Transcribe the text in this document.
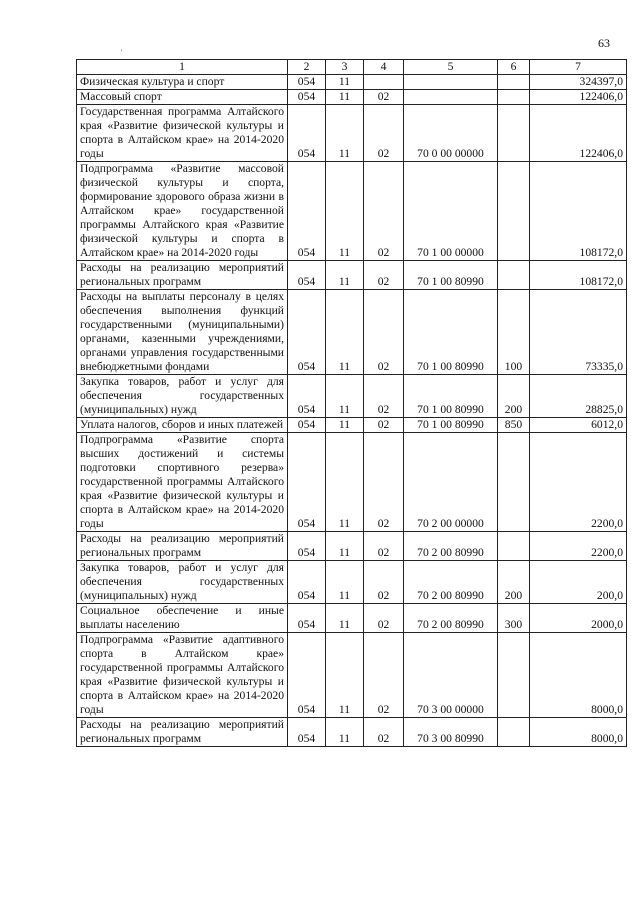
63
'
1	2	3	4	5	6	7
Физическая культура и спорт	054	11				324397,0
Массовый спорт	054	11	02			122406,0
Государственная программа Алтайского края «Развитие физической культуры и спорта в Алтайском крае» на 2014-2020 годы	054	11	02	70 0 00 00000		122406,0
Подпрограмма «Развитие массовой физической культуры и спорта, формирование здорового образа жизни в Алтайском крае» государственной программы Алтайского края «Развитие физической культуры и спорта в Алтайском крае» на 2014-2020 годы	054	11	02	70 1 00 00000		108172,0
Расходы на реализацию мероприятий региональных программ	054	11	02	70 1 00 80990		108172,0
Расходы на выплаты персоналу в целях обеспечения выполнения функций государственными (муниципальными) органами, казенными учреждениями, органами управления государственными внебюджетными фондами	054	11	02	70 1 00 80990	100	73335,0
Закупка товаров, работ и услуг для обеспечения государственных (муниципальных) нужд	054	11	02	70 1 00 80990	200	28825,0
Уплата налогов, сборов и иных платежей	054	11	02	70 1 00 80990	850	6012,0
Подпрограмма «Развитие спорта высших достижений и системы подготовки спортивного резерва» государственной программы Алтайского края «Развитие физической культуры и спорта в Алтайском крае» на 2014-2020 годы	054	11	02	70 2 00 00000		2200,0
Расходы на реализацию мероприятий региональных программ	054	11	02	70 2 00 80990		2200,0
Закупка товаров, работ и услуг для обеспечения государственных (муниципальных) нужд	054	11	02	70 2 00 80990	200	200,0
Социальное обеспечение и иные выплаты населению	054	11	02	70 2 00 80990	300	2000,0
Подпрограмма «Развитие адаптивного спорта в Алтайском крае» государственной программы Алтайского края «Развитие физической культуры и спорта в Алтайском крае» на 2014-2020 годы	054	11	02	70 3 00 00000		8000,0
Расходы на реализацию мероприятий региональных программ	054	11	02	70 3 00 80990		8000,0
